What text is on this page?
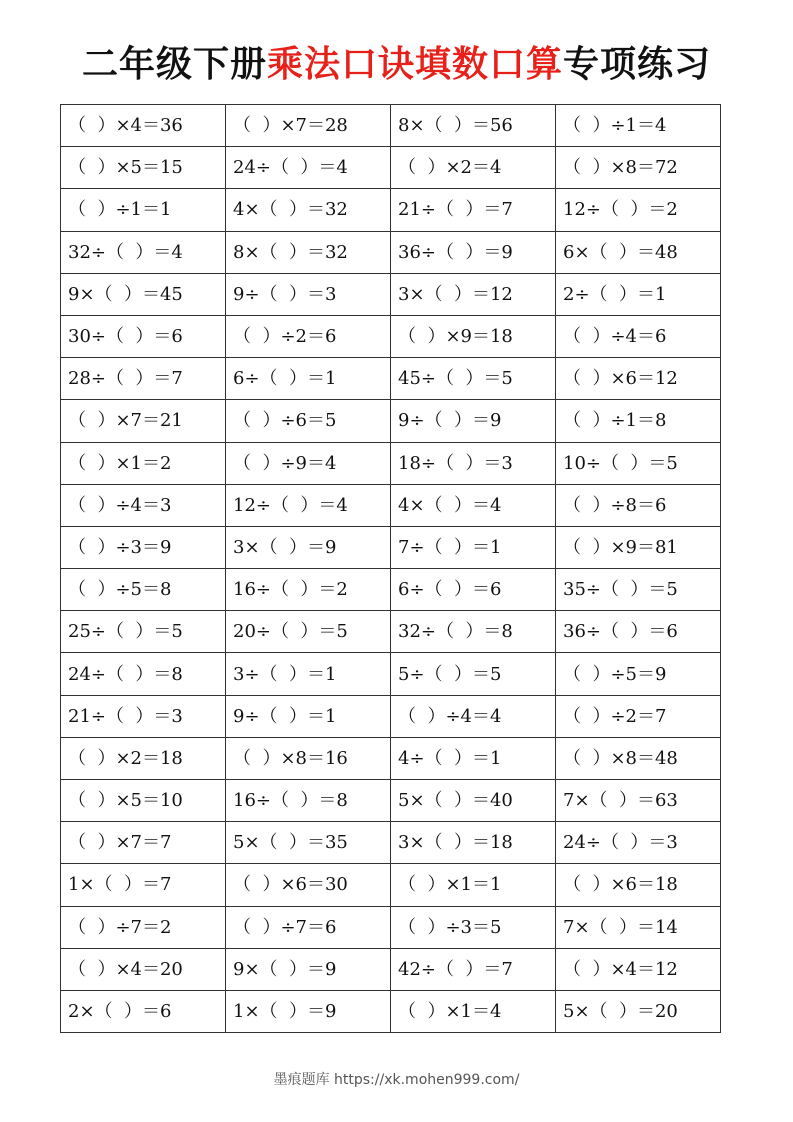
二年级下册乘法口诀填数口算专项练习
（  ）×4＝36	（  ）×7＝28	8×（  ）＝56	（  ）÷1＝4
（  ）×5＝15	24÷（  ）＝4	（  ）×2＝4	（  ）×8＝72
（  ）÷1＝1	4×（  ）＝32	21÷（  ）＝7	12÷（  ）＝2
32÷（  ）＝4	8×（  ）＝32	36÷（  ）＝9	6×（  ）＝48
9×（  ）＝45	9÷（  ）＝3	3×（  ）＝12	2÷（  ）＝1
30÷（  ）＝6	（  ）÷2＝6	（  ）×9＝18	（  ）÷4＝6
28÷（  ）＝7	6÷（  ）＝1	45÷（  ）＝5	（  ）×6＝12
（  ）×7＝21	（  ）÷6＝5	9÷（  ）＝9	（  ）÷1＝8
（  ）×1＝2	（  ）÷9＝4	18÷（  ）＝3	10÷（  ）＝5
（  ）÷4＝3	12÷（  ）＝4	4×（  ）＝4	（  ）÷8＝6
（  ）÷3＝9	3×（  ）＝9	7÷（  ）＝1	（  ）×9＝81
（  ）÷5＝8	16÷（  ）＝2	6÷（  ）＝6	35÷（  ）＝5
25÷（  ）＝5	20÷（  ）＝5	32÷（  ）＝8	36÷（  ）＝6
24÷（  ）＝8	3÷（  ）＝1	5÷（  ）＝5	（  ）÷5＝9
21÷（  ）＝3	9÷（  ）＝1	（  ）÷4＝4	（  ）÷2＝7
（  ）×2＝18	（  ）×8＝16	4÷（  ）＝1	（  ）×8＝48
（  ）×5＝10	16÷（  ）＝8	5×（  ）＝40	7×（  ）＝63
（  ）×7＝7	5×（  ）＝35	3×（  ）＝18	24÷（  ）＝3
1×（  ）＝7	（  ）×6＝30	（  ）×1＝1	（  ）×6＝18
（  ）÷7＝2	（  ）÷7＝6	（  ）÷3＝5	7×（  ）＝14
（  ）×4＝20	9×（  ）＝9	42÷（  ）＝7	（  ）×4＝12
2×（  ）＝6	1×（  ）＝9	（  ）×1＝4	5×（  ）＝20
墨痕题库 https://xk.mohen999.com/
